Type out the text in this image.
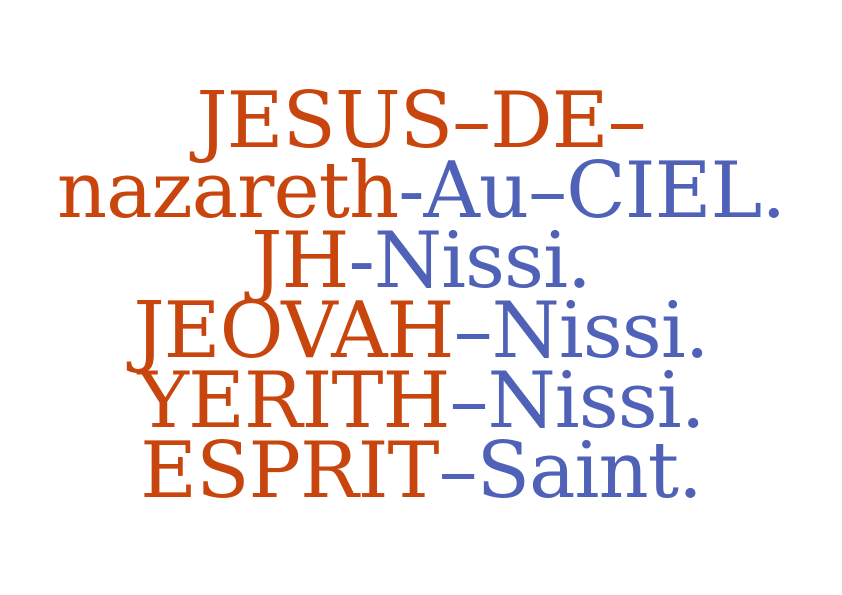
JESUS–DE–
nazareth-Au–CIEL.
JH-Nissi.
JEOVAH–Nissi.
YERITH–Nissi.
ESPRIT–Saint.
